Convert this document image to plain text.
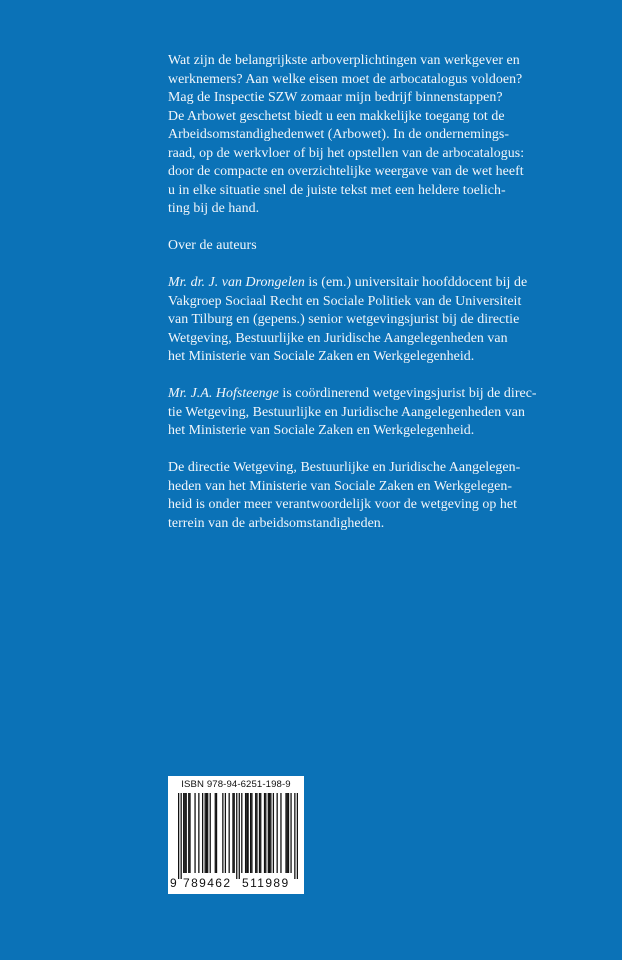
Wat zijn de belangrijkste arboverplichtingen van werkgever en
werknemers? Aan welke eisen moet de arbocatalogus voldoen?
Mag de Inspectie SZW zomaar mijn bedrijf binnenstappen?
De Arbowet geschetst biedt u een makkelijke toegang tot de
Arbeidsomstandighedenwet (Arbowet). In de ondernemings-
raad, op de werkvloer of bij het opstellen van de arbocatalogus:
door de compacte en overzichtelijke weergave van de wet heeft
u in elke situatie snel de juiste tekst met een heldere toelich-
ting bij de hand.

Over de auteurs

Mr. dr. J. van Drongelen is (em.) universitair hoofddocent bij de
Vakgroep Sociaal Recht en Sociale Politiek van de Universiteit
van Tilburg en (gepens.) senior wetgevingsjurist bij de directie
Wetgeving, Bestuurlijke en Juridische Aangelegenheden van
het Ministerie van Sociale Zaken en Werkgelegenheid.

Mr. J.A. Hofsteenge is coördinerend wetgevingsjurist bij de direc-
tie Wetgeving, Bestuurlijke en Juridische Aangelegenheden van
het Ministerie van Sociale Zaken en Werkgelegenheid.

De directie Wetgeving, Bestuurlijke en Juridische Aangelegen-
heden van het Ministerie van Sociale Zaken en Werkgelegen-
heid is onder meer verantwoordelijk voor de wetgeving op het
terrein van de arbeidsomstandigheden.

ISBN 978-94-6251-198-9
9 789462 511989
